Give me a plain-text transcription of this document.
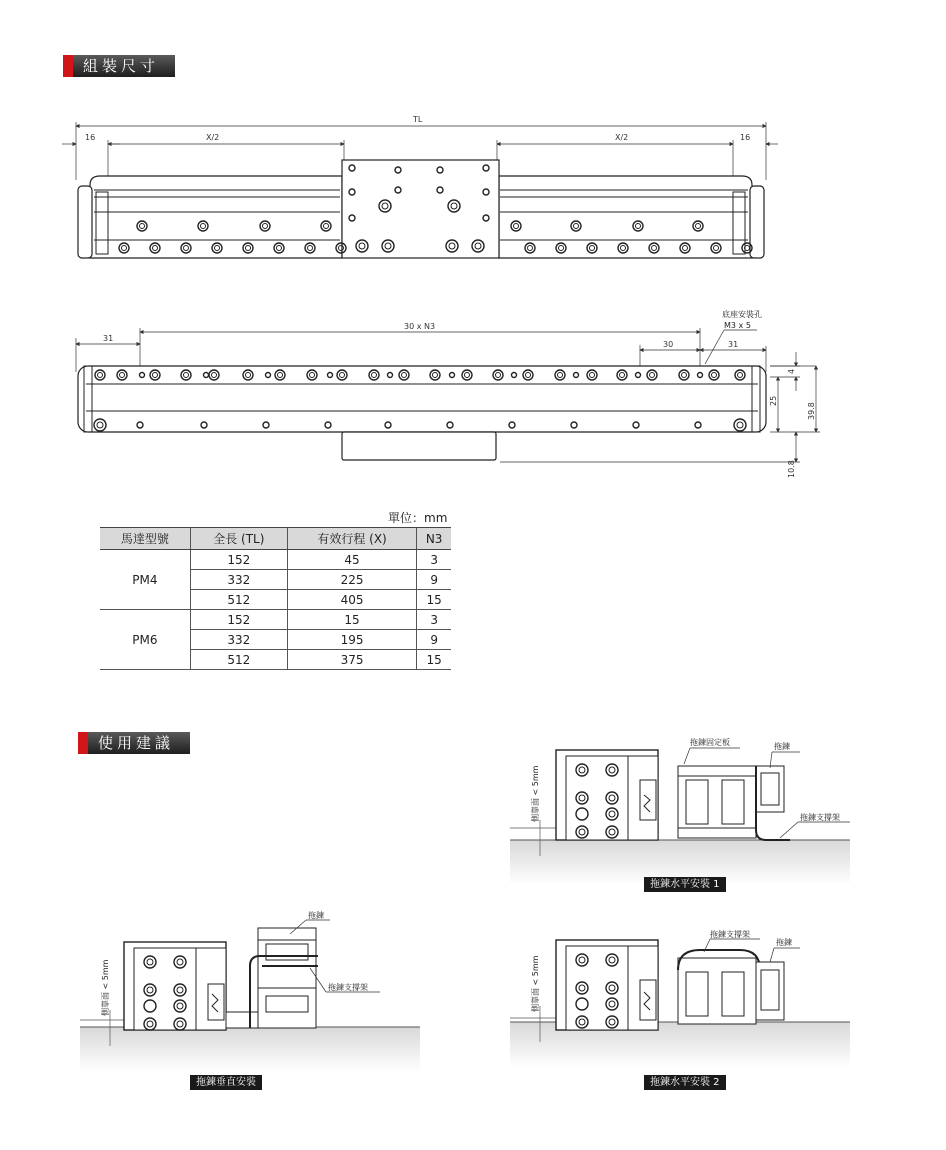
組裝尺寸
使用建議
TL
16	X/2	X/2	16
31
30 x N3
30	31
底座安裝孔
M3 x 5
4
25
39.8
10.8
單位：mm
馬達型號	全長 (TL)	有效行程 (X)	N3
PM4	152	45	3
	332	225	9
	512	405	15
PM6	152	15	3
	332	195	9
	512	375	15
拖鍊固定板	拖鍊
拖鍊支撐架
側靠面 < 5mm
拖鍊支撐架
拖鍊
側靠面 < 5mm
拖鍊
拖鍊支撐架
側靠面 < 5mm
拖鍊水平安裝 1
拖鍊水平安裝 2
拖鍊垂直安裝
